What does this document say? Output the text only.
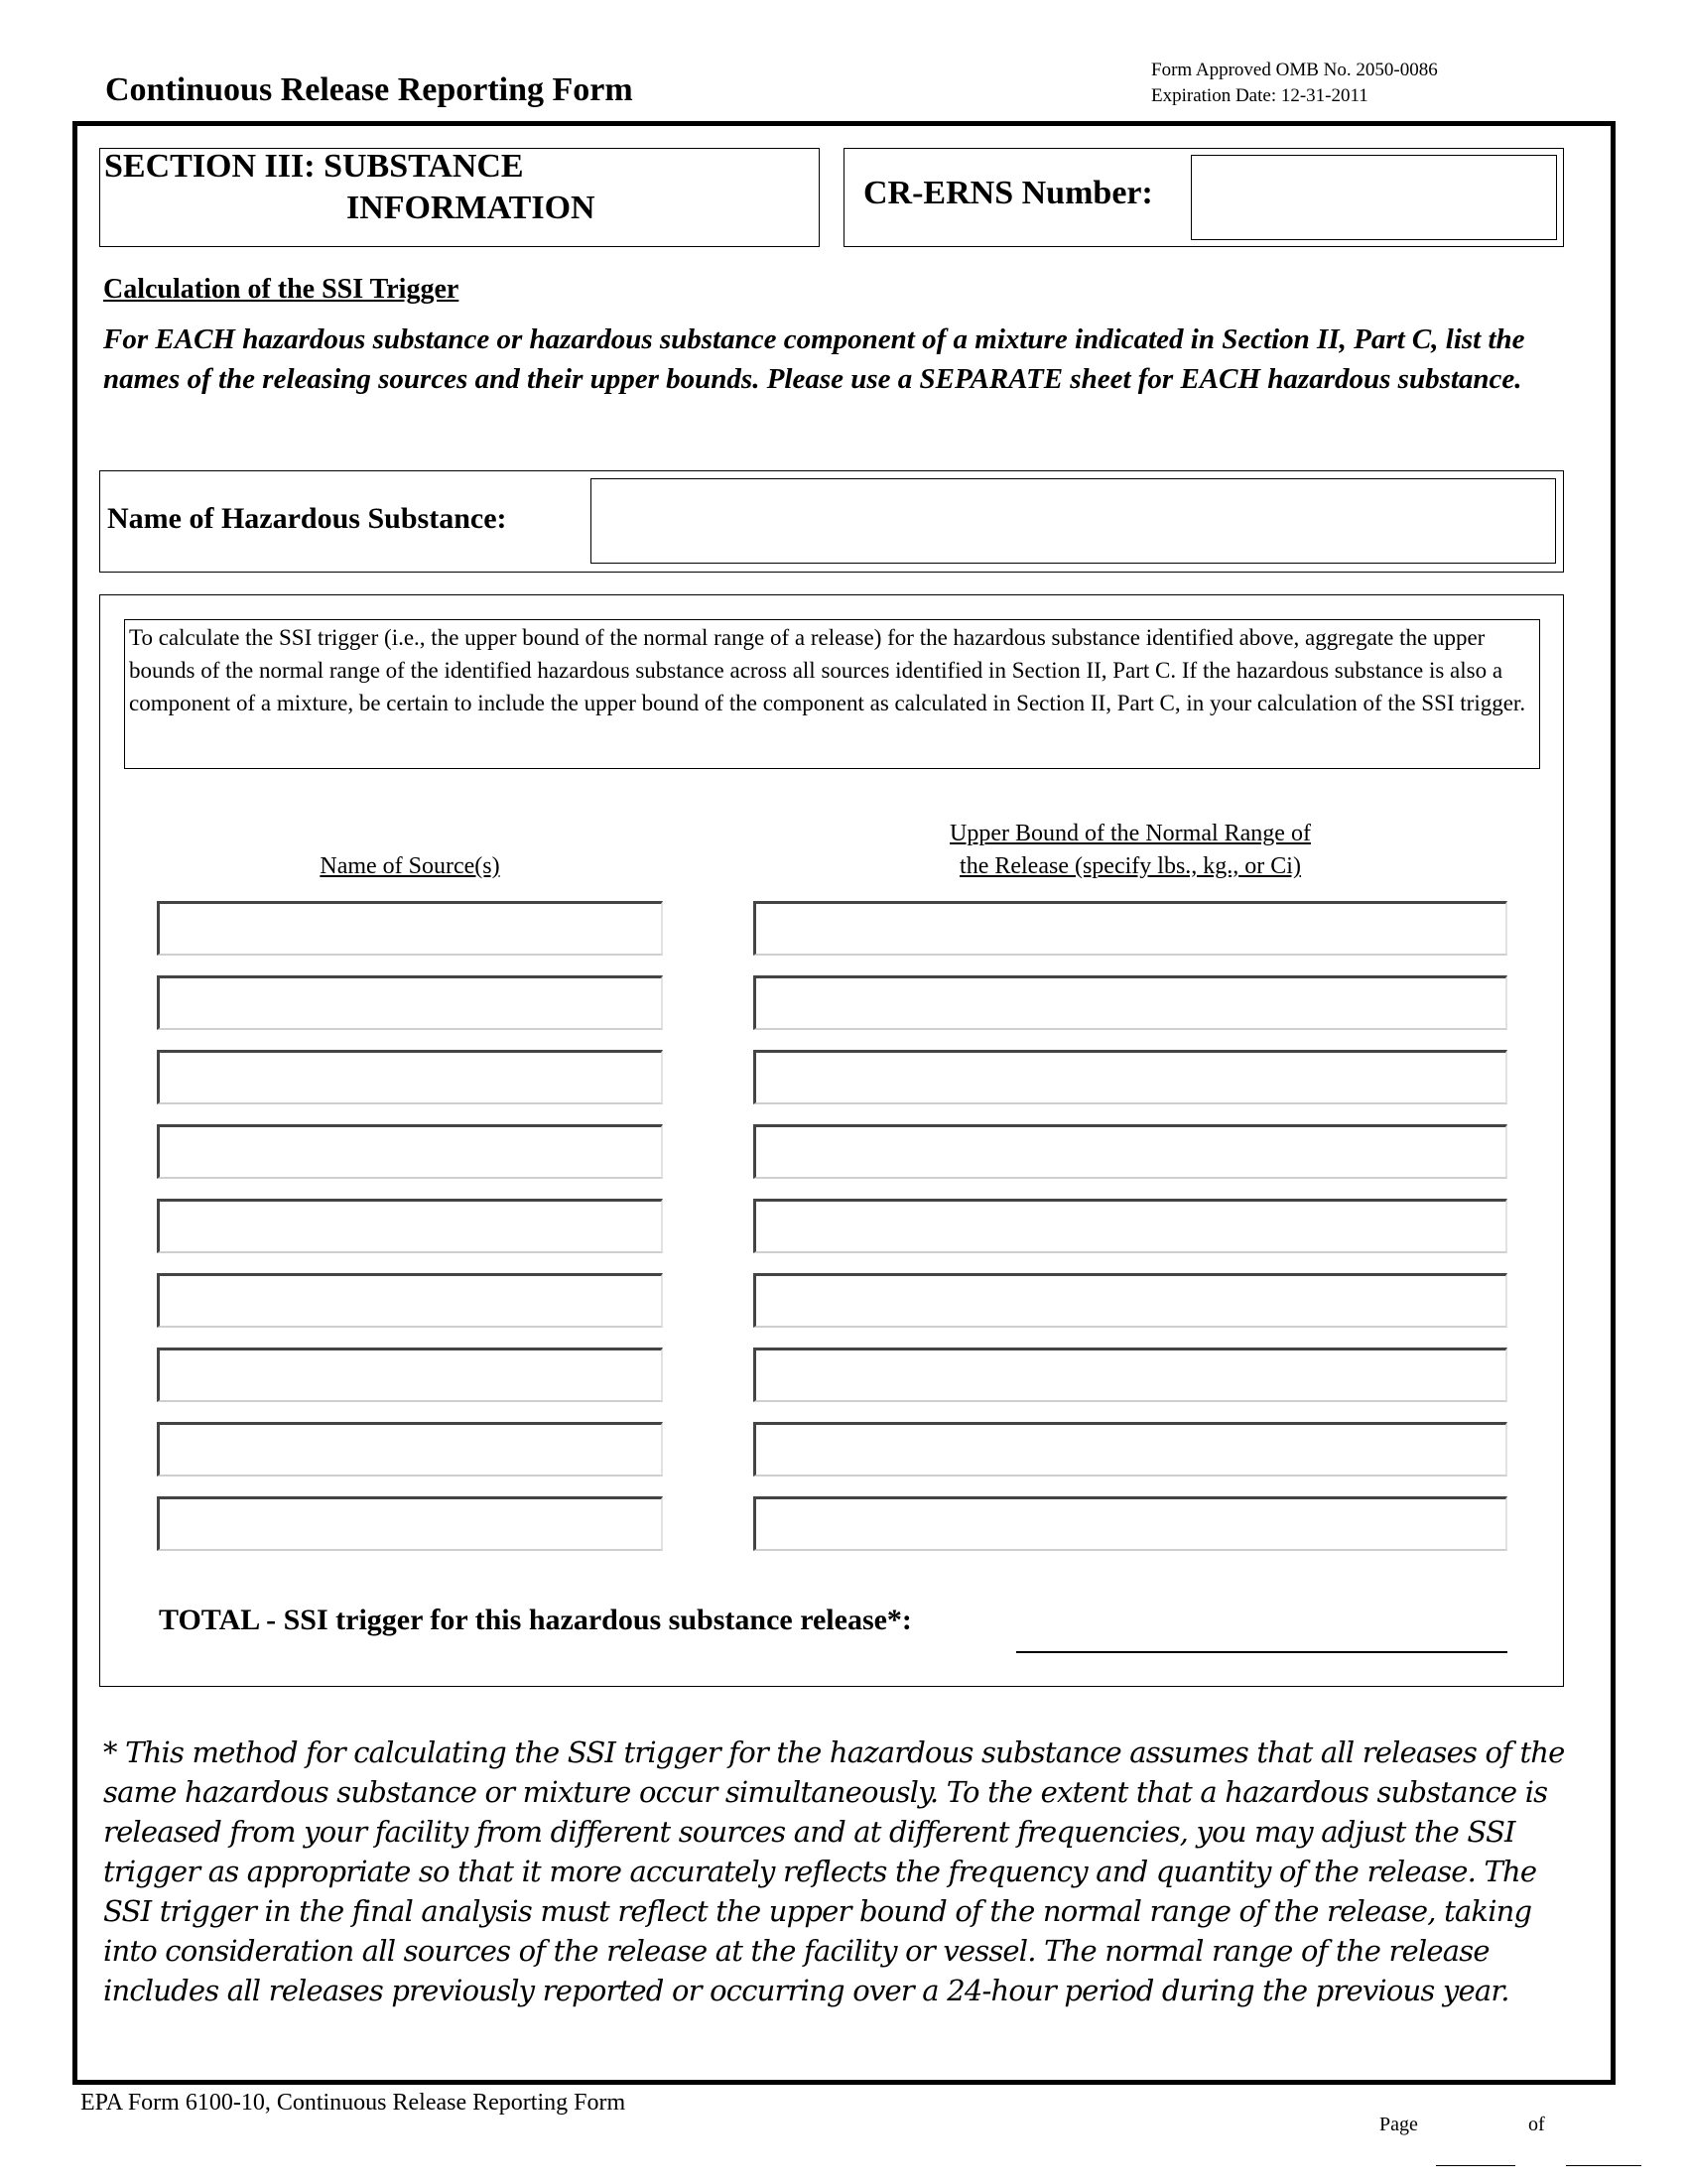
Continuous Release Reporting Form
Form Approved OMB No. 2050-0086
Expiration Date: 12-31-2011
SECTION III: SUBSTANCE
INFORMATION	CR-ERNS Number:
Calculation of the SSI Trigger
For EACH hazardous substance or hazardous substance component of a mixture indicated in Section II, Part C, list the names of the releasing sources and their upper bounds. Please use a SEPARATE sheet for EACH hazardous substance.
Name of Hazardous Substance:
To calculate the SSI trigger (i.e., the upper bound of the normal range of a release) for the hazardous substance identified above, aggregate the upper bounds of the normal range of the identified hazardous substance across all sources identified in Section II, Part C. If the hazardous substance is also a component of a mixture, be certain to include the upper bound of the component as calculated in Section II, Part C, in your calculation of the SSI trigger.
Name of Source(s)
Upper Bound of the Normal Range of
the Release (specify lbs., kg., or Ci)
TOTAL - SSI trigger for this hazardous substance release*:
* This method for calculating the SSI trigger for the hazardous substance assumes that all releases of the same hazardous substance or mixture occur simultaneously. To the extent that a hazardous substance is released from your facility from different sources and at different frequencies, you may adjust the SSI trigger as appropriate so that it more accurately reflects the frequency and quantity of the release. The SSI trigger in the final analysis must reflect the upper bound of the normal range of the release, taking into consideration all sources of the release at the facility or vessel. The normal range of the release includes all releases previously reported or occurring over a 24-hour period during the previous year.
EPA Form 6100-10, Continuous Release Reporting Form
Page	of
